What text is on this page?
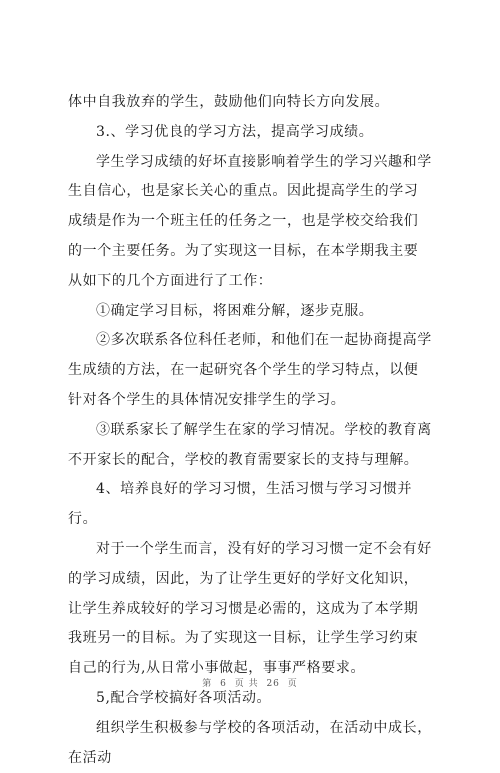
体中自我放弃的学生，鼓励他们向特长方向发展。

3.、学习优良的学习方法，提高学习成绩。

学生学习成绩的好坏直接影响着学生的学习兴趣和学生自信心，也是家长关心的重点。因此提高学生的学习成绩是作为一个班主任的任务之一，也是学校交给我们的一个主要任务。为了实现这一目标，在本学期我主要从如下的几个方面进行了工作：

①确定学习目标，将困难分解，逐步克服。

②多次联系各位科任老师，和他们在一起协商提高学生成绩的方法，在一起研究各个学生的学习特点，以便针对各个学生的具体情况安排学生的学习。

③联系家长了解学生在家的学习情况。学校的教育离不开家长的配合，学校的教育需要家长的支持与理解。

4、培养良好的学习习惯，生活习惯与学习习惯并行。

对于一个学生而言，没有好的学习习惯一定不会有好的学习成绩，因此，为了让学生更好的学好文化知识，让学生养成较好的学习习惯是必需的，这成为了本学期我班另一的目标。为了实现这一目标，让学生学习约束自己的行为,从日常小事做起，事事严格要求。

5,配合学校搞好各项活动。

组织学生积极参与学校的各项活动，在活动中成长，在活动

第 6 页 共 26 页
